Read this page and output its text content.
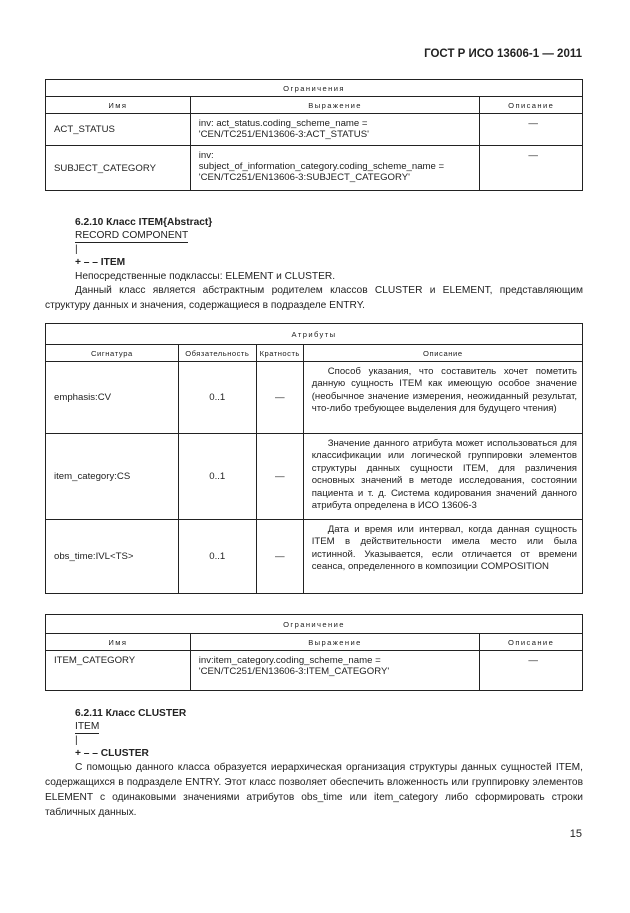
ГОСТ Р ИСО 13606-1 — 2011
Ограничения		
Имя	Выражение	Описание
ACT_STATUS	inv: act_status.coding_scheme_name =

'CEN/TC251/EN13606-3:ACT_STATUS'	—
SUBJECT_CATEGORY	inv:

subject_of_information_category.coding_scheme_name =

'CEN/TC251/EN13606-3:SUBJECT_CATEGORY'	—

6.2.10 Класс ITEM{Abstract}

RECORD COMPONENT

|

+ – – ITEM

Непосредственные подклассы: ELEMENT и CLUSTER.

Данный класс является абстрактным родителем классов CLUSTER и ELEMENT, представляющим структуру данных и значения, содержащиеся в подразделе ENTRY.
Атрибуты			
Сигнатура	Обязательность	Кратность	Описание
emphasis:CV	0..1	—	Способ указания, что составитель хочет пометить данную сущность ITEM как имеющую особое значение (необычное значение измерения, неожиданный результат, что-либо требующее выделения для будущего чтения)

item_category:CS	0..1	—	Значение данного атрибута может использоваться для классификации или логической группировки элементов структуры данных сущности ITEM, для различения основных значений в методе исследования, состоянии пациента и т. д. Система кодирования значений данного атрибута определена в ИСО 13606-3

obs_time:IVL<TS>	0..1	—	Дата и время или интервал, когда данная сущность ITEM в действительности имела место или была истинной. Указывается, если отличается от времени сеанса, определенного в композиции COMPOSITION

Ограничение		
Имя	Выражение	Описание
ITEM_CATEGORY	inv:item_category.coding_scheme_name =

'CEN/TC251/EN13606-3:ITEM_CATEGORY'	—

6.2.11 Класс CLUSTER

ITEM

|

+ – – CLUSTER

С помощью данного класса образуется иерархическая организация структуры данных сущностей ITEM, содержащихся в подразделе ENTRY. Этот класс позволяет обеспечить вложенность или группировку элементов ELEMENT с одинаковыми значениями атрибутов obs_time или item_category либо сформировать строки табличных данных.
15
